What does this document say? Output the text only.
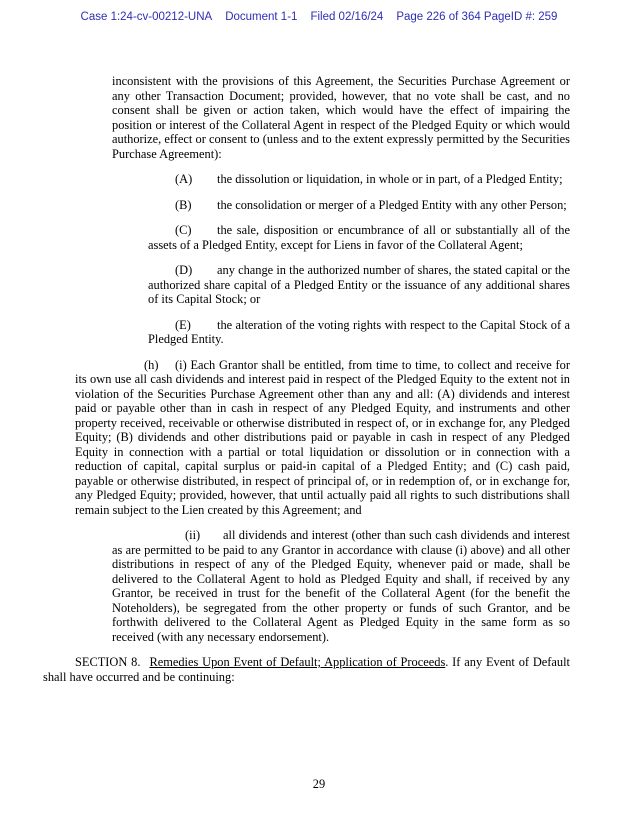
Case 1:24-cv-00212-UNA Document 1-1 Filed 02/16/24 Page 226 of 364 PageID #: 259

inconsistent with the provisions of this Agreement, the Securities Purchase Agreement or any other Transaction Document; provided, however, that no vote shall be cast, and no consent shall be given or action taken, which would have the effect of impairing the position or interest of the Collateral Agent in respect of the Pledged Equity or which would authorize, effect or consent to (unless and to the extent expressly permitted by the Securities Purchase Agreement):

(A) the dissolution or liquidation, in whole or in part, of a Pledged Entity;

(B) the consolidation or merger of a Pledged Entity with any other Person;

(C) the sale, disposition or encumbrance of all or substantially all of the assets of a Pledged Entity, except for Liens in favor of the Collateral Agent;

(D) any change in the authorized number of shares, the stated capital or the authorized share capital of a Pledged Entity or the issuance of any additional shares of its Capital Stock; or

(E) the alteration of the voting rights with respect to the Capital Stock of a Pledged Entity.

(h) (i) Each Grantor shall be entitled, from time to time, to collect and receive for its own use all cash dividends and interest paid in respect of the Pledged Equity to the extent not in violation of the Securities Purchase Agreement other than any and all: (A) dividends and interest paid or payable other than in cash in respect of any Pledged Equity, and instruments and other property received, receivable or otherwise distributed in respect of, or in exchange for, any Pledged Equity; (B) dividends and other distributions paid or payable in cash in respect of any Pledged Equity in connection with a partial or total liquidation or dissolution or in connection with a reduction of capital, capital surplus or paid-in capital of a Pledged Entity; and (C) cash paid, payable or otherwise distributed, in respect of principal of, or in redemption of, or in exchange for, any Pledged Equity; provided, however, that until actually paid all rights to such distributions shall remain subject to the Lien created by this Agreement; and

(ii) all dividends and interest (other than such cash dividends and interest as are permitted to be paid to any Grantor in accordance with clause (i) above) and all other distributions in respect of any of the Pledged Equity, whenever paid or made, shall be delivered to the Collateral Agent to hold as Pledged Equity and shall, if received by any Grantor, be received in trust for the benefit of the Collateral Agent (for the benefit the Noteholders), be segregated from the other property or funds of such Grantor, and be forthwith delivered to the Collateral Agent as Pledged Equity in the same form as so received (with any necessary endorsement).

SECTION 8. Remedies Upon Event of Default; Application of Proceeds. If any Event of Default shall have occurred and be continuing:

29
